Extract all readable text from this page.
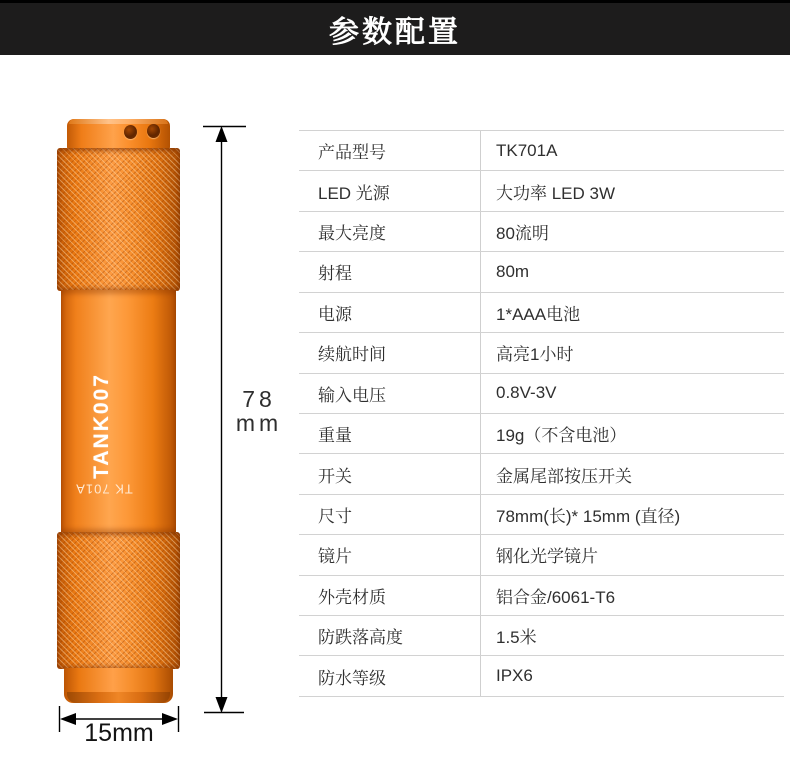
参数配置
TANK007
TK 701A
78
mm
15mm
产品型号	TK701A
LED 光源	大功率 LED 3W
最大亮度	80流明
射程	80m
电源	1*AAA电池
续航时间	高亮1小时
输入电压	0.8V-3V
重量	19g（不含电池）
开关	金属尾部按压开关
尺寸	78mm(长)* 15mm (直径)
镜片	钢化光学镜片
外壳材质	铝合金/6061-T6
防跌落高度	1.5米
防水等级	IPX6
